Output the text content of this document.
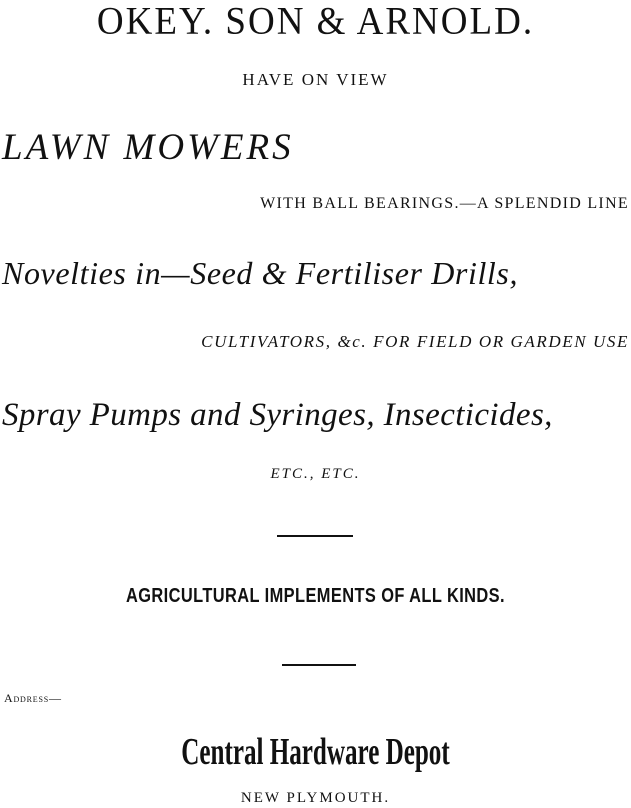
OKEY. SON & ARNOLD.
HAVE ON VIEW
LAWN MOWERS
WITH BALL BEARINGS.—A SPLENDID LINE
Novelties in—Seed & Fertiliser Drills,
CULTIVATORS, &c. FOR FIELD OR GARDEN USE
Spray Pumps and Syringes, Insecticides,
ETC., ETC.
AGRICULTURAL IMPLEMENTS OF ALL KINDS.
Address—
Central Hardware Depot
NEW PLYMOUTH.
